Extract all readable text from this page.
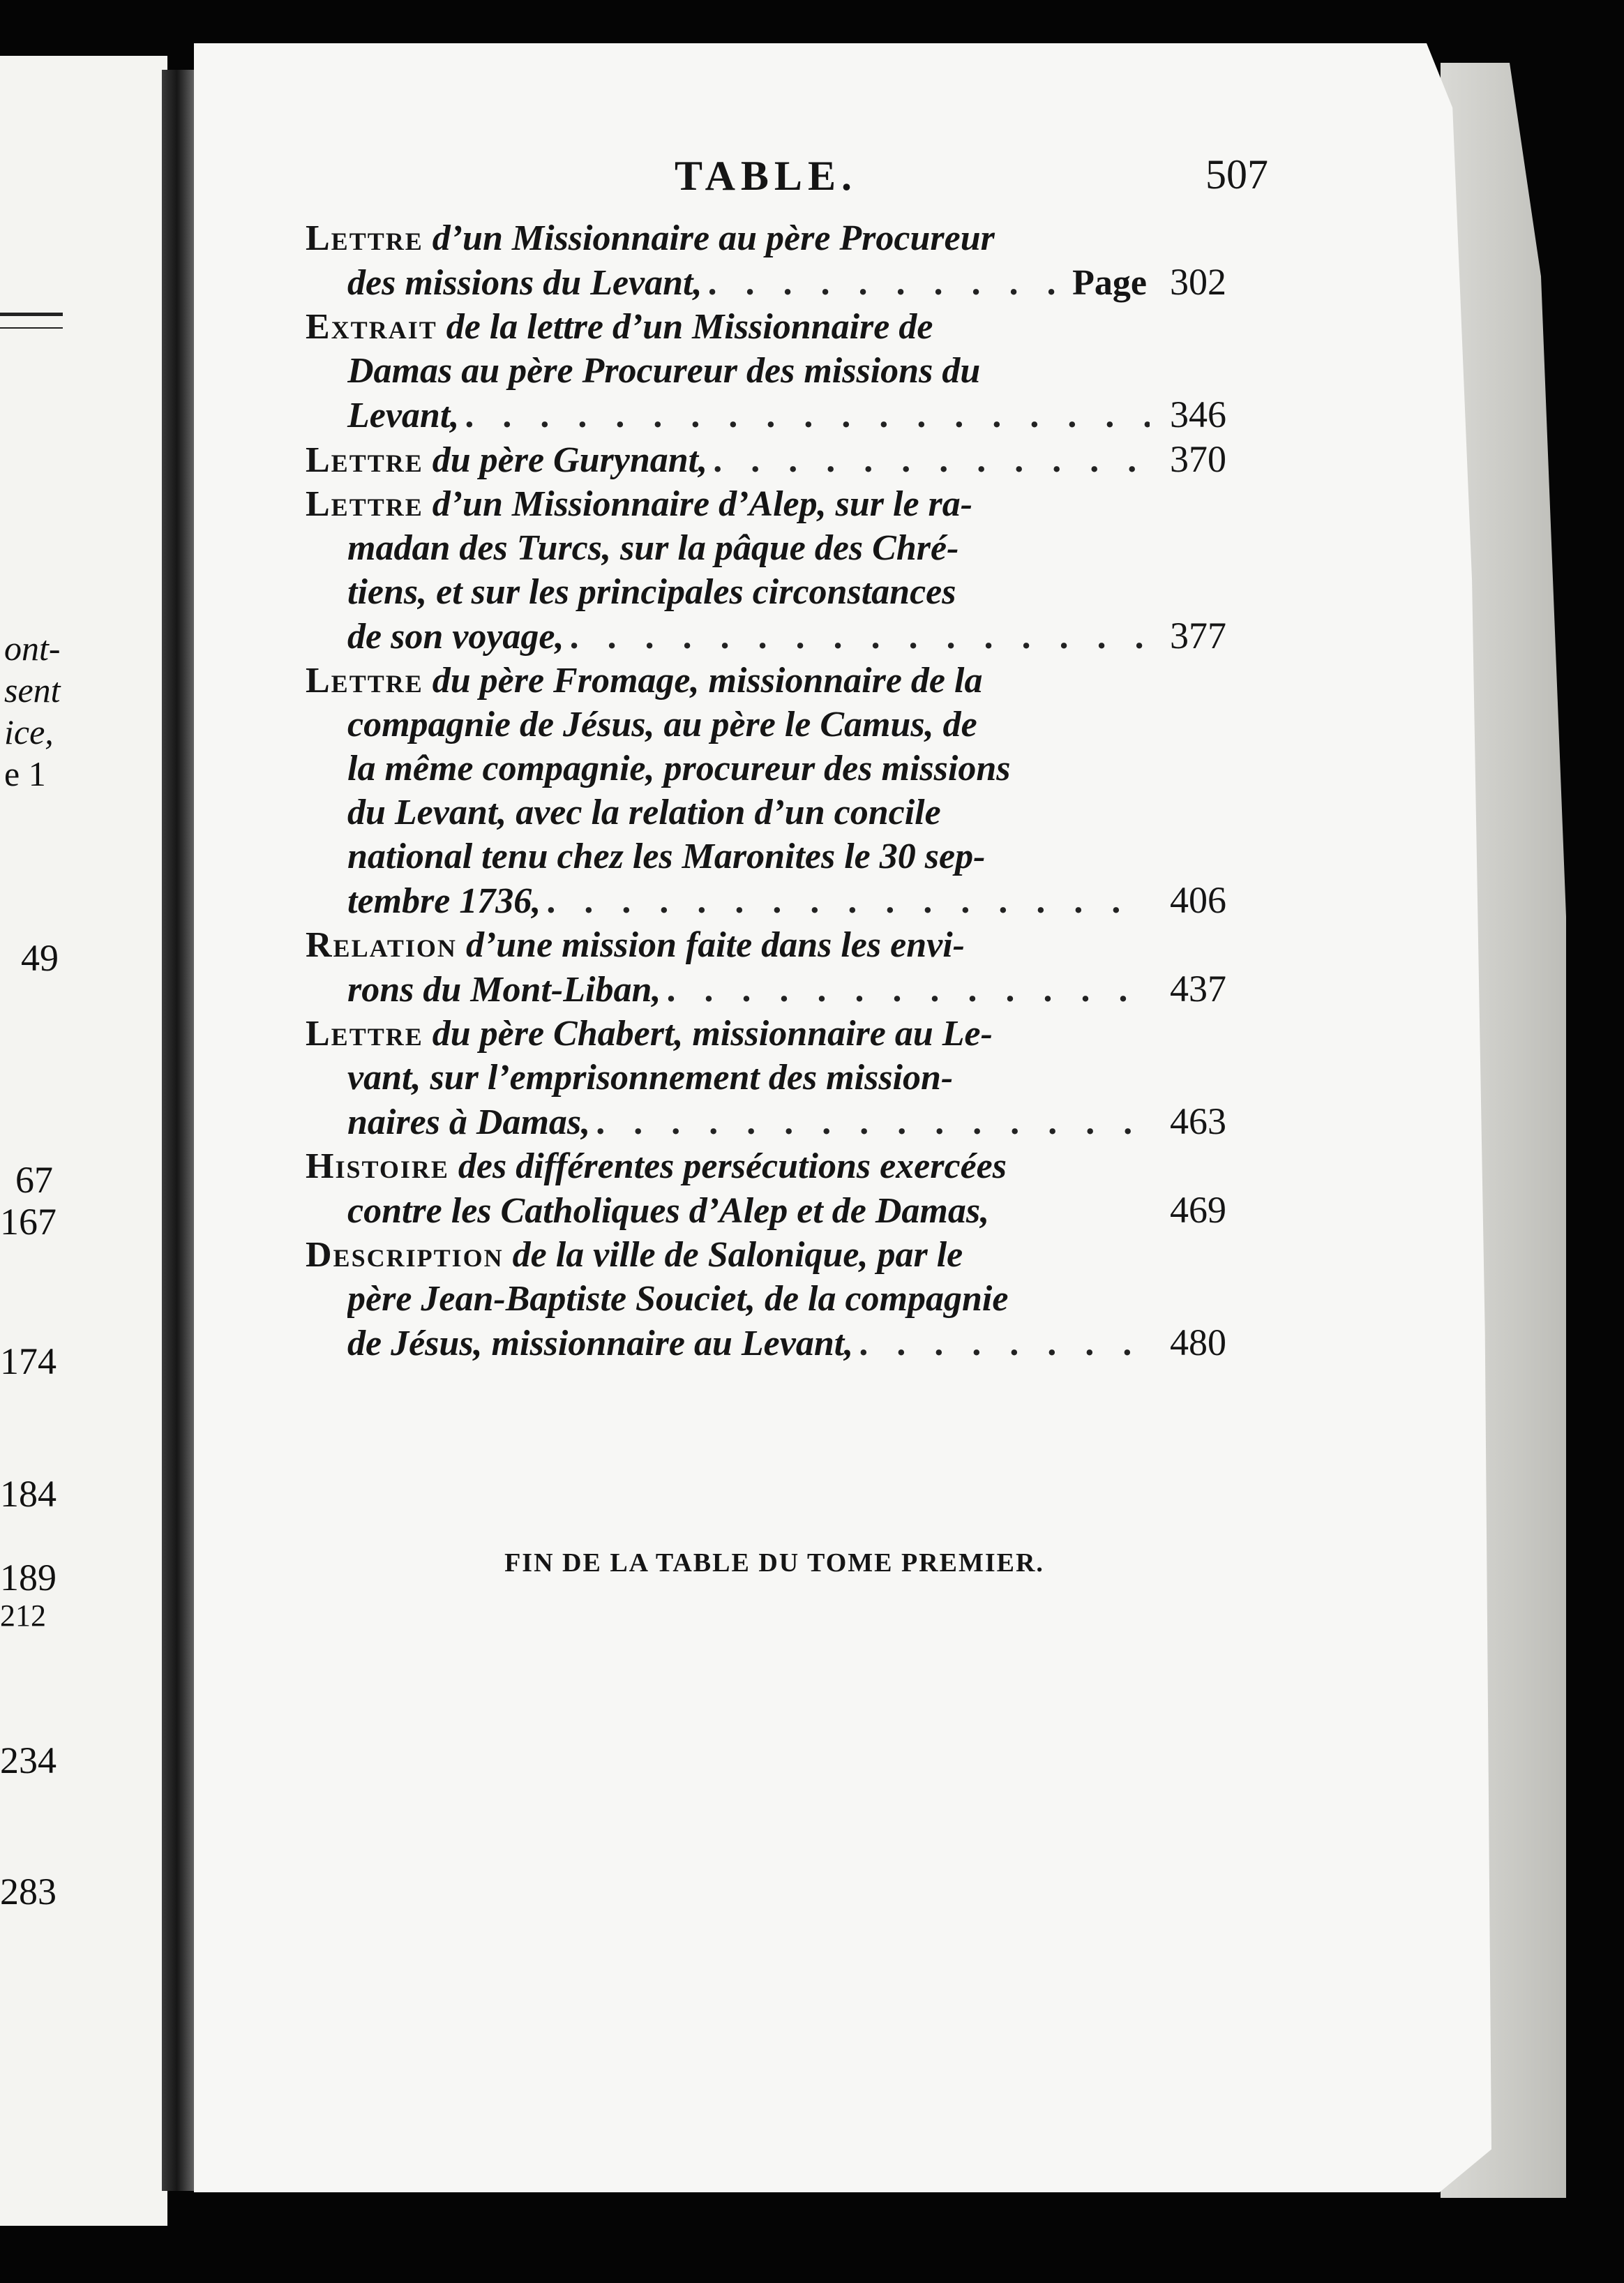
ont-
sent
ice,
e 1
49
67
167
174
184
189
212
234
283
TABLE.	507
Lettre d’un Missionnaire au père Procureur
des missions du Levant, . . .	Page 302
Extrait de la lettre d’un Missionnaire de
Damas au père Procureur des missions du
Levant, . . .	346
Lettre du père Gurynant, . . .	370
Lettre d’un Missionnaire d’Alep, sur le ra-
madan des Turcs, sur la pâque des Chré-
tiens, et sur les principales circonstances
de son voyage, . . .	377
Lettre du père Fromage, missionnaire de la
compagnie de Jésus, au père le Camus, de
la même compagnie, procureur des missions
du Levant, avec la relation d’un concile
national tenu chez les Maronites le 30 sep-
tembre 1736, . . .	406
Relation d’une mission faite dans les envi-
rons du Mont-Liban, . . .	437
Lettre du père Chabert, missionnaire au Le-
vant, sur l’emprisonnement des mission-
naires à Damas, . . .	463
Histoire des différentes persécutions exercées
contre les Catholiques d’Alep et de Damas,	469
Description de la ville de Salonique, par le
père Jean-Baptiste Souciet, de la compagnie
de Jésus, missionnaire au Levant, . . .	480
FIN DE LA TABLE DU TOME PREMIER.
